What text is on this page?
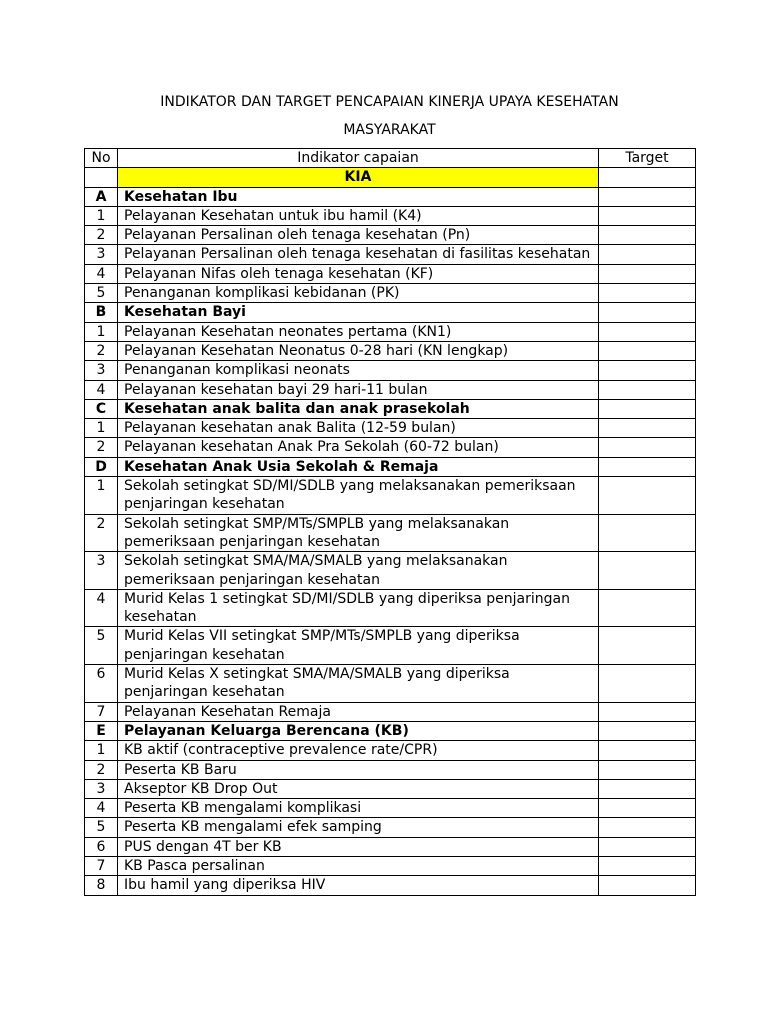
INDIKATOR DAN TARGET PENCAPAIAN KINERJA UPAYA KESEHATAN
MASYARAKAT
No	Indikator capaian	Target
	KIA	
A	Kesehatan Ibu	
1	Pelayanan Kesehatan untuk ibu hamil (K4)	
2	Pelayanan Persalinan oleh tenaga kesehatan (Pn)	
3	Pelayanan Persalinan oleh tenaga kesehatan di fasilitas kesehatan	
4	Pelayanan Nifas oleh tenaga kesehatan (KF)	
5	Penanganan komplikasi kebidanan (PK)	
B	Kesehatan Bayi	
1	Pelayanan Kesehatan neonates pertama (KN1)	
2	Pelayanan Kesehatan Neonatus 0-28 hari (KN lengkap)	
3	Penanganan komplikasi neonats	
4	Pelayanan kesehatan bayi 29 hari-11 bulan	
C	Kesehatan anak balita dan anak prasekolah	
1	Pelayanan kesehatan anak Balita (12-59 bulan)	
2	Pelayanan kesehatan Anak Pra Sekolah (60-72 bulan)	
D	Kesehatan Anak Usia Sekolah & Remaja	
1	Sekolah setingkat SD/MI/SDLB yang melaksanakan pemeriksaan penjaringan kesehatan	
2	Sekolah setingkat SMP/MTs/SMPLB yang melaksanakan pemeriksaan penjaringan kesehatan	
3	Sekolah setingkat SMA/MA/SMALB yang melaksanakan pemeriksaan penjaringan kesehatan	
4	Murid Kelas 1 setingkat SD/MI/SDLB yang diperiksa penjaringan kesehatan	
5	Murid Kelas VII setingkat SMP/MTs/SMPLB yang diperiksa penjaringan kesehatan	
6	Murid Kelas X setingkat SMA/MA/SMALB yang diperiksa penjaringan kesehatan	
7	Pelayanan Kesehatan Remaja	
E	Pelayanan Keluarga Berencana (KB)	
1	KB aktif (contraceptive prevalence rate/CPR)	
2	Peserta KB Baru	
3	Akseptor KB Drop Out	
4	Peserta KB mengalami komplikasi	
5	Peserta KB mengalami efek samping	
6	PUS dengan 4T ber KB	
7	KB Pasca persalinan	
8	Ibu hamil yang diperiksa HIV	
